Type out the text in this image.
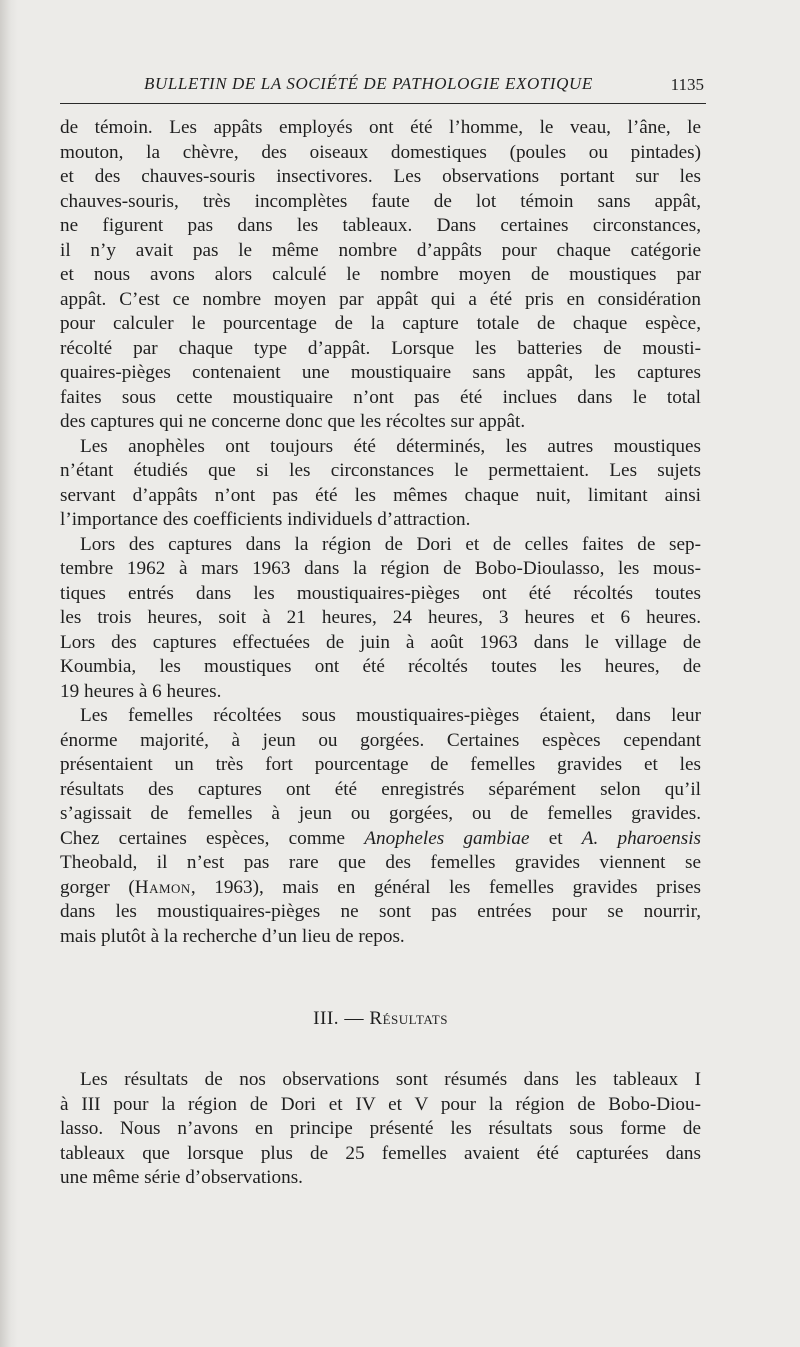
BULLETIN DE LA SOCIÉTÉ DE PATHOLOGIE EXOTIQUE	1135
de témoin. Les appâts employés ont été l’homme, le veau, l’âne, le
mouton, la chèvre, des oiseaux domestiques (poules ou pintades)
et des chauves-souris insectivores. Les observations portant sur les
chauves-souris, très incomplètes faute de lot témoin sans appât,
ne figurent pas dans les tableaux. Dans certaines circonstances,
il n’y avait pas le même nombre d’appâts pour chaque catégorie
et nous avons alors calculé le nombre moyen de moustiques par
appât. C’est ce nombre moyen par appât qui a été pris en considération
pour calculer le pourcentage de la capture totale de chaque espèce,
récolté par chaque type d’appât. Lorsque les batteries de mousti-
quaires-pièges contenaient une moustiquaire sans appât, les captures
faites sous cette moustiquaire n’ont pas été inclues dans le total
des captures qui ne concerne donc que les récoltes sur appât.
Les anophèles ont toujours été déterminés, les autres moustiques
n’étant étudiés que si les circonstances le permettaient. Les sujets
servant d’appâts n’ont pas été les mêmes chaque nuit, limitant ainsi
l’importance des coefficients individuels d’attraction.
Lors des captures dans la région de Dori et de celles faites de sep-
tembre 1962 à mars 1963 dans la région de Bobo-Dioulasso, les mous-
tiques entrés dans les moustiquaires-pièges ont été récoltés toutes
les trois heures, soit à 21 heures, 24 heures, 3 heures et 6 heures.
Lors des captures effectuées de juin à août 1963 dans le village de
Koumbia, les moustiques ont été récoltés toutes les heures, de
19 heures à 6 heures.
Les femelles récoltées sous moustiquaires-pièges étaient, dans leur
énorme majorité, à jeun ou gorgées. Certaines espèces cependant
présentaient un très fort pourcentage de femelles gravides et les
résultats des captures ont été enregistrés séparément selon qu’il
s’agissait de femelles à jeun ou gorgées, ou de femelles gravides.
Chez certaines espèces, comme Anopheles gambiae et A. pharoensis
Theobald, il n’est pas rare que des femelles gravides viennent se
gorger (Hamon, 1963), mais en général les femelles gravides prises
dans les moustiquaires-pièges ne sont pas entrées pour se nourrir,
mais plutôt à la recherche d’un lieu de repos.
III. — Résultats
Les résultats de nos observations sont résumés dans les tableaux I
à III pour la région de Dori et IV et V pour la région de Bobo-Diou-
lasso. Nous n’avons en principe présenté les résultats sous forme de
tableaux que lorsque plus de 25 femelles avaient été capturées dans
une même série d’observations.
